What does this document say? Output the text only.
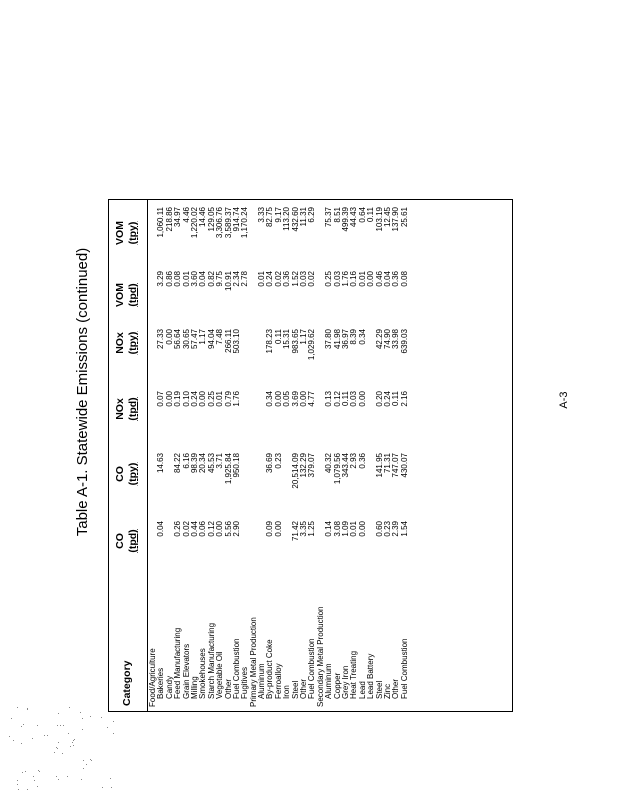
Table A-1. Statewide Emissions (continued)
Category
CO (tpd)
CO (tpy)
NOx (tpd)
NOx (tpy)
VOM (tpd)
VOM (tpy)
Food/Agriculture Bakeries
0.04
14.63
0.07
27.33
3.29
1,060.11
Candy
0.00
0.00
0.86
218.86
Feed Manufacturing
0.26
84.22
0.19
56.64
0.08
34.97
Grain Elevators
0.02
6.16
0.10
30.65
0.01
4.46
Milling
0.44
98.39
0.24
57.47
3.60
1,220.02
Smokehouses
0.06
20.34
0.00
1.17
0.04
14.46
Starch Manufacturing
0.12
45.53
0.25
94.04
0.82
129.05
Vegetable Oil
0.00
3.71
0.01
7.48
9.75
3,306.76
Other
5.56
1,925.84
0.79
266.11
10.91
3,589.37
Fuel Combustion
2.90
950.18
1.76
503.10
2.34
914.74
Fugitives
2.78
1,170.24
Primary Metal Production Aluminum
0.01
3.33
By-product Coke
0.09
36.69
0.34
178.23
0.24
82.75
Ferroalloy
0.00
0.23
0.00
0.11
0.02
9.17
Iron
0.05
15.31
0.36
113.20
Steel
71.42
20,514.09
3.69
983.65
1.52
432.60
Other
3.35
132.29
0.00
1.17
0.03
11.31
Fuel Combustion
1.25
379.07
4.77
1,029.62
0.02
6.29
Secondary Metal Production Aluminum
0.14
40.32
0.13
37.80
0.25
75.37
Copper
3.08
1,079.56
0.12
41.98
0.03
8.51
Grey Iron
1.09
343.44
0.11
36.97
1.76
499.39
Heat Treating
0.01
2.93
0.03
8.39
0.16
44.43
Lead
0.00
0.36
0.00
0.34
0.01
0.64
Lead Battery
0.00
0.11
Steel
0.60
141.95
0.20
42.29
0.46
103.19
Zinc
0.23
71.31
0.24
74.90
0.04
12.45
Other
2.39
747.07
0.11
33.98
0.36
137.90
Fuel Combustion
1.54
430.07
2.16
639.03
0.08
25.61
A-3
